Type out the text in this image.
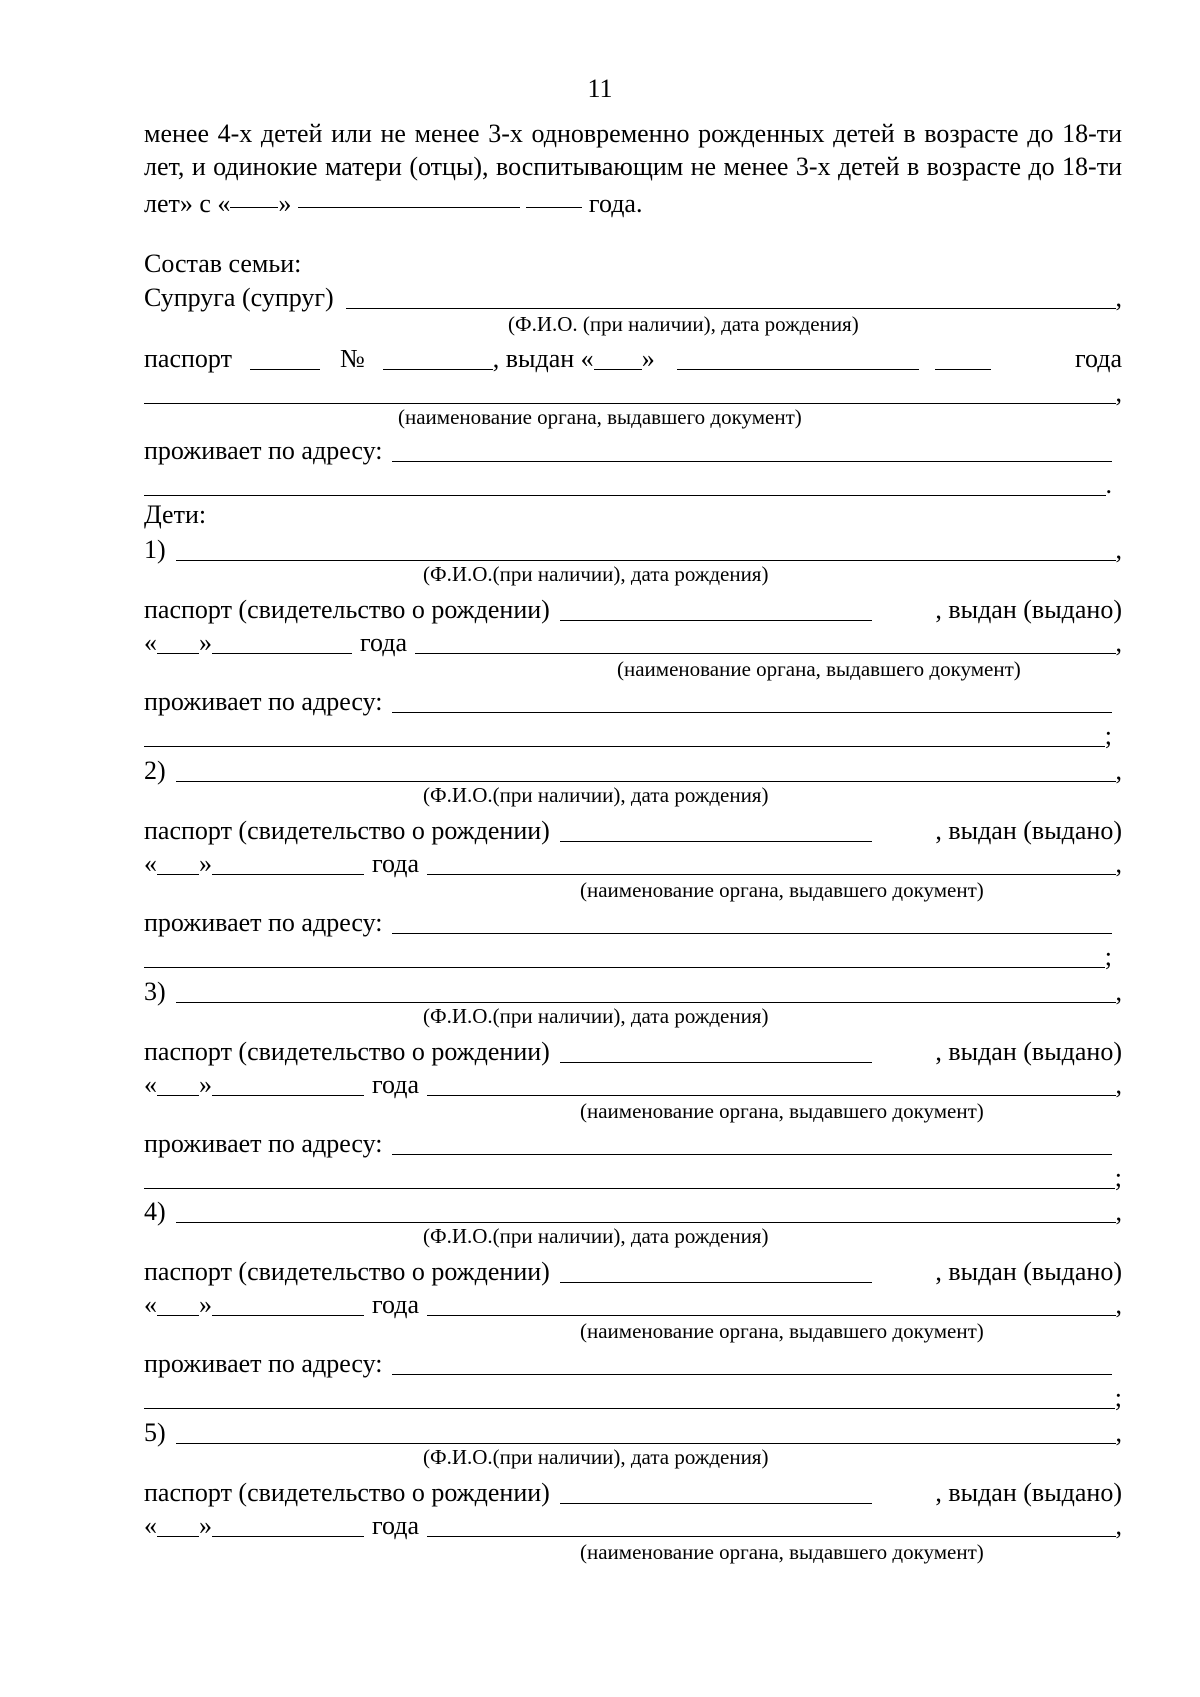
11

менее 4-х детей или не менее 3-х одновременно рожденных детей в возрасте до 18-ти лет, и одинокие матери (отцы), воспитывающим не менее 3-х детей в возрасте до 18-ти лет» с « »	года.

Состав семьи:
Супруга (супруг)	,
(Ф.И.О. (при наличии), дата рождения)
паспорт	№	, выдан « »	года
,
(наименование органа, выдавшего документ)
проживает по адресу:
.
Дети:
1)	,
(Ф.И.О.(при наличии), дата рождения)
паспорт (свидетельство о рождении)	, выдан (выдано)
« »	года	,
(наименование органа, выдавшего документ)
проживает по адресу:
;
2)	,
(Ф.И.О.(при наличии), дата рождения)
паспорт (свидетельство о рождении)	, выдан (выдано)
« »	года	,
(наименование органа, выдавшего документ)
проживает по адресу:
;
3)	,
(Ф.И.О.(при наличии), дата рождения)
паспорт (свидетельство о рождении)	, выдан (выдано)
« »	года	,
(наименование органа, выдавшего документ)
проживает по адресу:
;
4)	,
(Ф.И.О.(при наличии), дата рождения)
паспорт (свидетельство о рождении)	, выдан (выдано)
« »	года	,
(наименование органа, выдавшего документ)
проживает по адресу:
;
5)	,
(Ф.И.О.(при наличии), дата рождения)
паспорт (свидетельство о рождении)	, выдан (выдано)
« »	года	,
(наименование органа, выдавшего документ)
